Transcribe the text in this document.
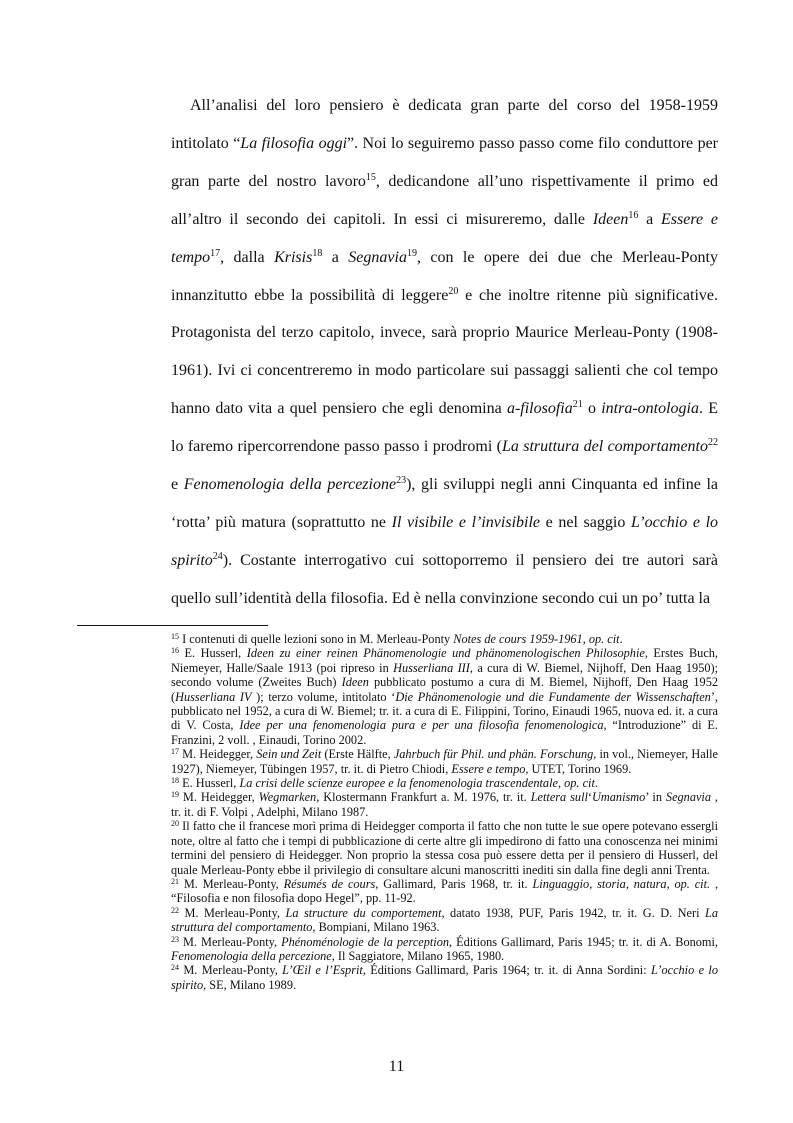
All’analisi del loro pensiero è dedicata gran parte del corso del 1958-1959 intitolato “La filosofia oggi”. Noi lo seguiremo passo passo come filo conduttore per gran parte del nostro lavoro$^{15}$, dedicandone all’uno rispettivamente il primo ed all’altro il secondo dei capitoli. In essi ci misureremo, dalle Ideen$^{16}$ a Essere e tempo$^{17}$, dalla Krisis$^{18}$ a Segnavia$^{19}$, con le opere dei due che Merleau-Ponty innanzitutto ebbe la possibilità di leggere$^{20}$ e che inoltre ritenne più significative. Protagonista del terzo capitolo, invece, sarà proprio Maurice Merleau-Ponty (1908-1961). Ivi ci concentreremo in modo particolare sui passaggi salienti che col tempo hanno dato vita a quel pensiero che egli denomina a-filosofia$^{21}$ o intra-ontologia. E lo faremo ripercorrendone passo passo i prodromi (La struttura del comportamento$^{22}$ e Fenomenologia della percezione$^{23}$), gli sviluppi negli anni Cinquanta ed infine la ‘rotta’ più matura (soprattutto ne Il visibile e l’invisibile e nel saggio L’occhio e lo spirito$^{24}$). Costante interrogativo cui sottoporremo il pensiero dei tre autori sarà quello sull’identità della filosofia. Ed è nella convinzione secondo cui un po’ tutta la

$^{15}$ I contenuti di quelle lezioni sono in M. Merleau-Ponty Notes de cours 1959-1961, op. cit.

$^{16}$ E. Husserl, Ideen zu einer reinen Phänomenologie und phänomenologischen Philosophie, Erstes Buch, Niemeyer, Halle/Saale 1913 (poi ripreso in Husserliana III, a cura di W. Biemel, Nijhoff, Den Haag 1950); secondo volume (Zweites Buch) Ideen pubblicato postumo a cura di M. Biemel, Nijhoff, Den Haag 1952 (Husserliana IV ); terzo volume, intitolato ‘Die Phänomenologie und die Fundamente der Wissenschaften’, pubblicato nel 1952, a cura di W. Biemel; tr. it. a cura di E. Filippini, Torino, Einaudi 1965, nuova ed. it. a cura di V. Costa, Idee per una fenomenologia pura e per una filosofia fenomenologica, “Introduzione” di E. Franzini, 2 voll. , Einaudi, Torino 2002.

$^{17}$ M. Heidegger, Sein und Zeit (Erste Hälfte, Jahrbuch für Phil. und phän. Forschung, in vol., Niemeyer, Halle 1927), Niemeyer, Tübingen 1957, tr. it. di Pietro Chiodi, Essere e tempo, UTET, Torino 1969.

$^{18}$ E. Husserl, La crisi delle scienze europee e la fenomenologia trascendentale, op. cit.

$^{19}$ M. Heidegger, Wegmarken, Klostermann Frankfurt a. M. 1976, tr. it. Lettera sull‘Umanismo’ in Segnavia , tr. it. di F. Volpi , Adelphi, Milano 1987.

$^{20}$ Il fatto che il francese morì prima di Heidegger comporta il fatto che non tutte le sue opere potevano essergli note, oltre al fatto che i tempi di pubblicazione di certe altre gli impedirono di fatto una conoscenza nei minimi termini del pensiero di Heidegger. Non proprio la stessa cosa può essere detta per il pensiero di Husserl, del quale Merleau-Ponty ebbe il privilegio di consultare alcuni manoscritti inediti sin dalla fine degli anni Trenta.

$^{21}$ M. Merleau-Ponty, Résumés de cours, Gallimard, Paris 1968, tr. it. Linguaggio, storia, natura, op. cit. , “Filosofia e non filosofia dopo Hegel”, pp. 11-92.

$^{22}$ M. Merleau-Ponty, La structure du comportement, datato 1938, PUF, Paris 1942, tr. it. G. D. Neri La struttura del comportamento, Bompiani, Milano 1963.

$^{23}$ M. Merleau-Ponty, Phénoménologie de la perception, Éditions Gallimard, Paris 1945; tr. it. di A. Bonomi, Fenomenologia della percezione, Il Saggiatore, Milano 1965, 1980.

$^{24}$ M. Merleau-Ponty, L’Œil e l’Esprit, Éditions Gallimard, Paris 1964; tr. it. di Anna Sordini: L’occhio e lo spirito, SE, Milano 1989.

11
